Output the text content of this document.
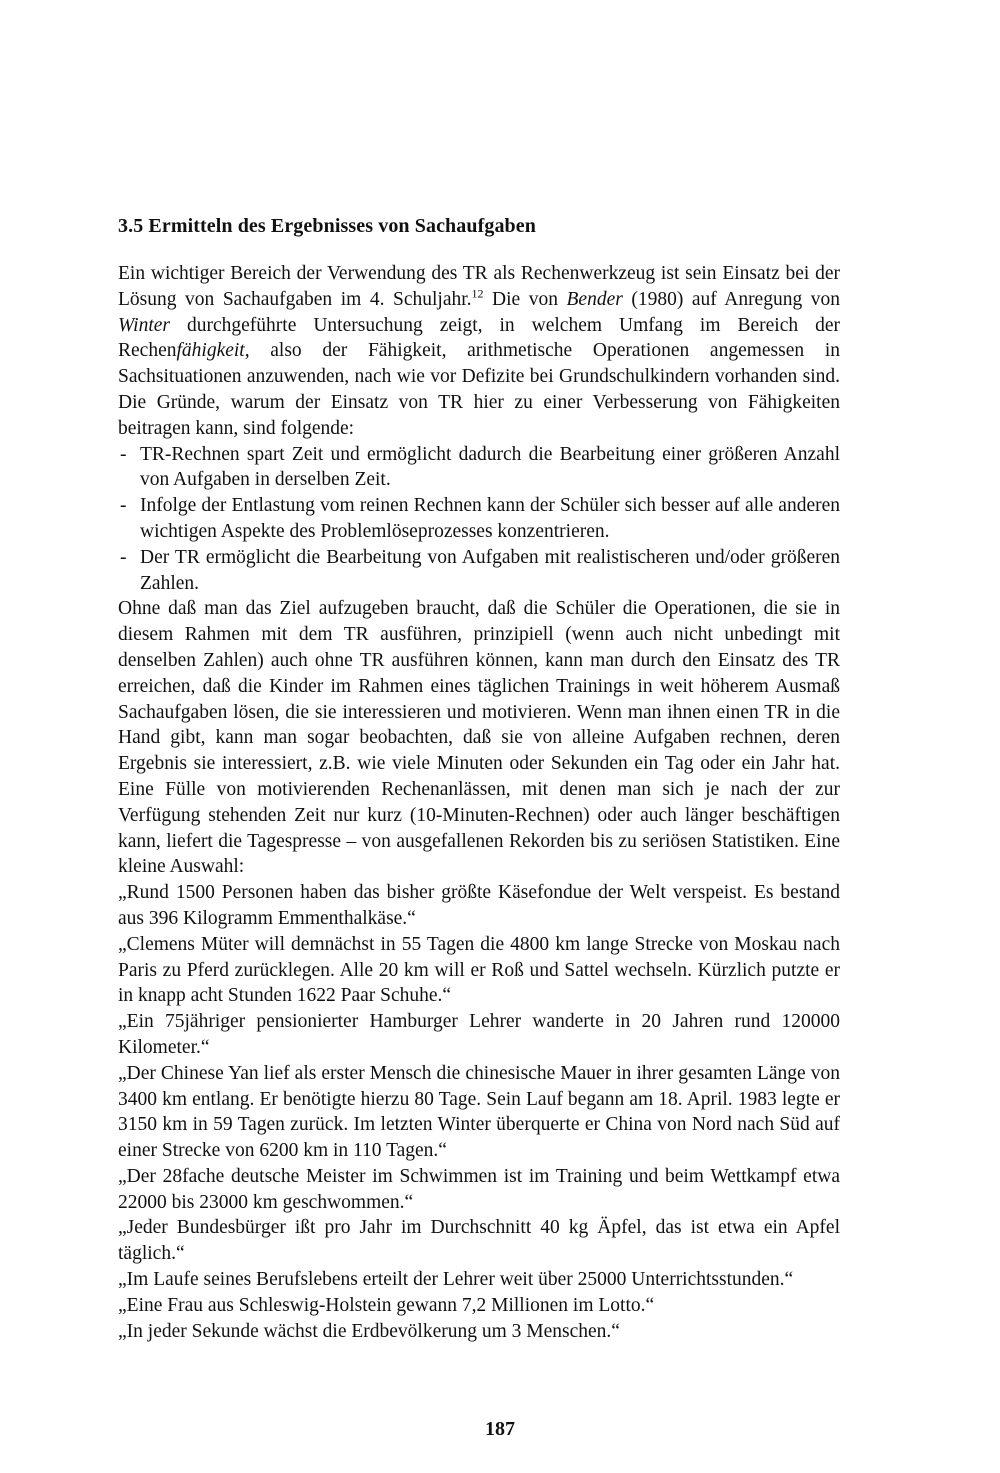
3.5 Ermitteln des Ergebnisses von Sachaufgaben

Ein wichtiger Bereich der Verwendung des TR als Rechenwerkzeug ist sein Einsatz bei der Lösung von Sachaufgaben im 4. Schuljahr.$^{12}$ Die von Bender (1980) auf Anregung von Winter durchgeführte Untersuchung zeigt, in welchem Umfang im Bereich der Rechenfähigkeit, also der Fähigkeit, arithmetische Operationen angemessen in Sachsituationen anzuwenden, nach wie vor Defizite bei Grundschulkindern vorhanden sind. Die Gründe, warum der Einsatz von TR hier zu einer Verbesserung von Fähigkeiten beitragen kann, sind folgende:

- TR-Rechnen spart Zeit und ermöglicht dadurch die Bearbeitung einer größeren Anzahl von Aufgaben in derselben Zeit.
- Infolge der Entlastung vom reinen Rechnen kann der Schüler sich besser auf alle anderen wichtigen Aspekte des Problemlöseprozesses konzentrieren.
- Der TR ermöglicht die Bearbeitung von Aufgaben mit realistischeren und/oder größeren Zahlen.

Ohne daß man das Ziel aufzugeben braucht, daß die Schüler die Operationen, die sie in diesem Rahmen mit dem TR ausführen, prinzipiell (wenn auch nicht unbedingt mit denselben Zahlen) auch ohne TR ausführen können, kann man durch den Einsatz des TR erreichen, daß die Kinder im Rahmen eines täglichen Trainings in weit höherem Ausmaß Sachaufgaben lösen, die sie interessieren und motivieren. Wenn man ihnen einen TR in die Hand gibt, kann man sogar beobachten, daß sie von alleine Aufgaben rechnen, deren Ergebnis sie interessiert, z.B. wie viele Minuten oder Sekunden ein Tag oder ein Jahr hat. Eine Fülle von motivierenden Rechenanlässen, mit denen man sich je nach der zur Verfügung stehenden Zeit nur kurz (10-Minuten-Rechnen) oder auch länger beschäftigen kann, liefert die Tagespresse – von ausgefallenen Rekorden bis zu seriösen Statistiken. Eine kleine Auswahl:

„Rund 1500 Personen haben das bisher größte Käsefondue der Welt verspeist. Es bestand aus 396 Kilogramm Emmenthalkäse.“

„Clemens Müter will demnächst in 55 Tagen die 4800 km lange Strecke von Moskau nach Paris zu Pferd zurücklegen. Alle 20 km will er Roß und Sattel wechseln. Kürzlich putzte er in knapp acht Stunden 1622 Paar Schuhe.“

„Ein 75jähriger pensionierter Hamburger Lehrer wanderte in 20 Jahren rund 120000 Kilometer.“

„Der Chinese Yan lief als erster Mensch die chinesische Mauer in ihrer gesamten Länge von 3400 km entlang. Er benötigte hierzu 80 Tage. Sein Lauf begann am 18. April. 1983 legte er 3150 km in 59 Tagen zurück. Im letzten Winter überquerte er China von Nord nach Süd auf einer Strecke von 6200 km in 110 Tagen.“

„Der 28fache deutsche Meister im Schwimmen ist im Training und beim Wettkampf etwa 22000 bis 23000 km geschwommen.“

„Jeder Bundesbürger ißt pro Jahr im Durchschnitt 40 kg Äpfel, das ist etwa ein Apfel täglich.“

„Im Laufe seines Berufslebens erteilt der Lehrer weit über 25000 Unterrichtsstunden.“

„Eine Frau aus Schleswig-Holstein gewann 7,2 Millionen im Lotto.“

„In jeder Sekunde wächst die Erdbevölkerung um 3 Menschen.“

187
